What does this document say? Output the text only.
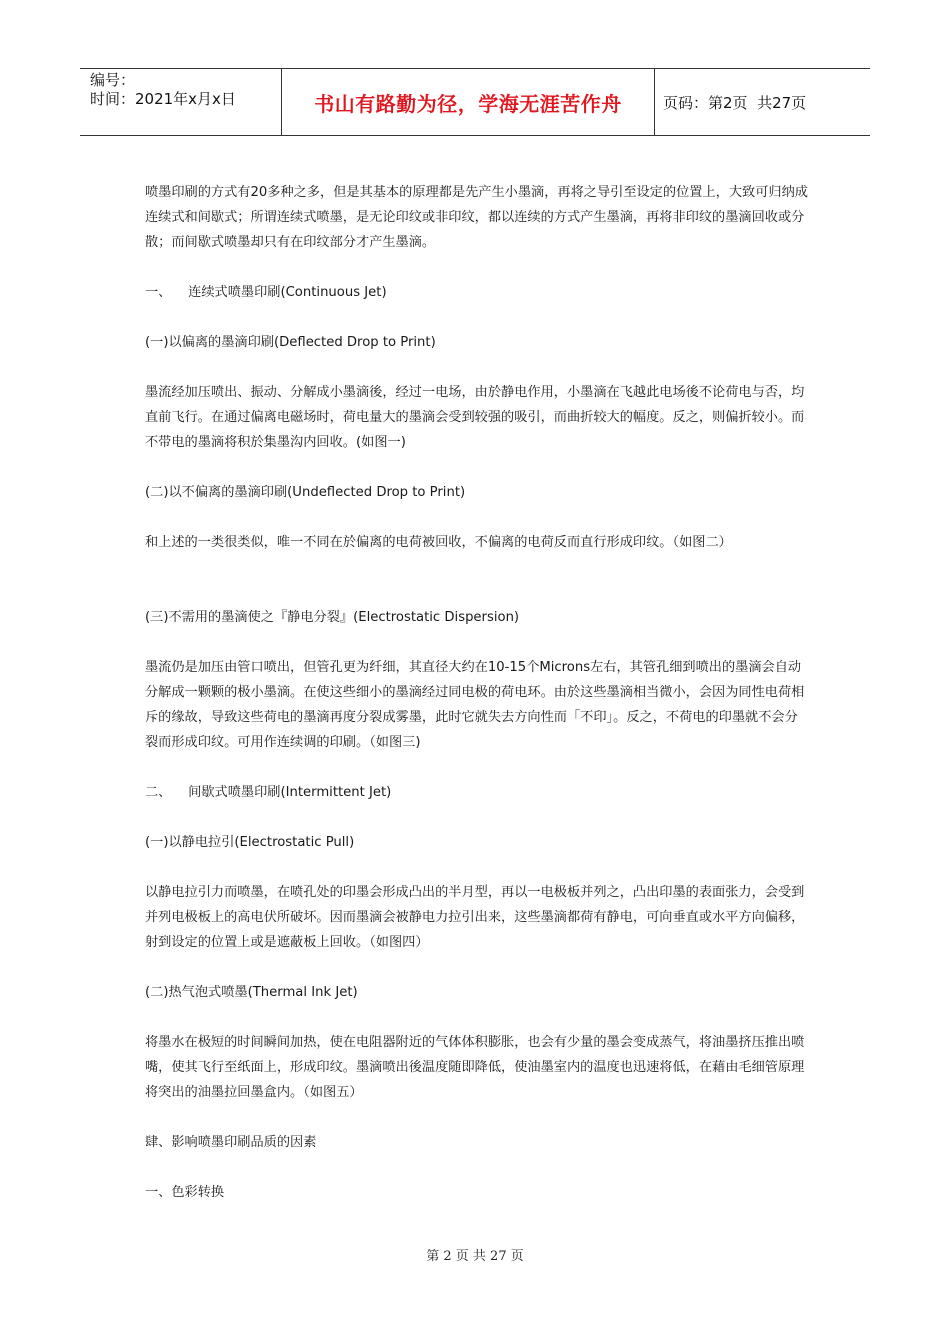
编号：
时间：2021年x月x日	书山有路勤为径，学海无涯苦作舟	页码：第2页  共27页

喷墨印刷的方式有20多种之多，但是其基本的原理都是先产生小墨滴，再将之导引至设定的位置上，大致可归纳成连续式和间歇式；所谓连续式喷墨，是无论印纹或非印纹，都以连续的方式产生墨滴，再将非印纹的墨滴回收或分散；而间歇式喷墨却只有在印纹部分才产生墨滴。

一、    连续式喷墨印刷(Continuous Jet)

(一)以偏离的墨滴印刷(Deflected Drop to Print)

墨流经加压喷出、振动、分解成小墨滴後，经过一电场，由於静电作用，小墨滴在飞越此电场後不论荷电与否，均直前飞行。在通过偏离电磁场时，荷电量大的墨滴会受到较强的吸引，而曲折较大的幅度。反之，则偏折较小。而不带电的墨滴将积於集墨沟内回收。(如图一)

(二)以不偏离的墨滴印刷(Undeflected Drop to Print)

和上述的一类很类似，唯一不同在於偏离的电荷被回收，不偏离的电荷反而直行形成印纹。（如图二）

(三)不需用的墨滴使之『静电分裂』(Electrostatic Dispersion)

墨流仍是加压由管口喷出，但管孔更为纤细，其直径大约在10-15个Microns左右，其管孔细到喷出的墨滴会自动分解成一颗颗的极小墨滴。在使这些细小的墨滴经过同电极的荷电环。由於这些墨滴相当微小，会因为同性电荷相斥的缘故，导致这些荷电的墨滴再度分裂成雾墨，此时它就失去方向性而「不印」。反之，不荷电的印墨就不会分裂而形成印纹。可用作连续调的印刷。（如图三)

二、    间歇式喷墨印刷(Intermittent Jet)

(一)以静电拉引(Electrostatic Pull)

以静电拉引力而喷墨，在喷孔处的印墨会形成凸出的半月型，再以一电极板并列之，凸出印墨的表面张力，会受到并列电极板上的高电伏所破坏。因而墨滴会被静电力拉引出来，这些墨滴都荷有静电，可向垂直或水平方向偏移，射到设定的位置上或是遮蔽板上回收。（如图四）

(二)热气泡式喷墨(Thermal Ink Jet)

将墨水在极短的时间瞬间加热，使在电阻器附近的气体体积膨胀，也会有少量的墨会变成蒸气，将油墨挤压推出喷嘴，使其飞行至纸面上，形成印纹。墨滴喷出後温度随即降低，使油墨室内的温度也迅速将低，在藉由毛细管原理将突出的油墨拉回墨盒内。（如图五）

肆、影响喷墨印刷品质的因素

一、色彩转换

第 2 页 共 27 页
